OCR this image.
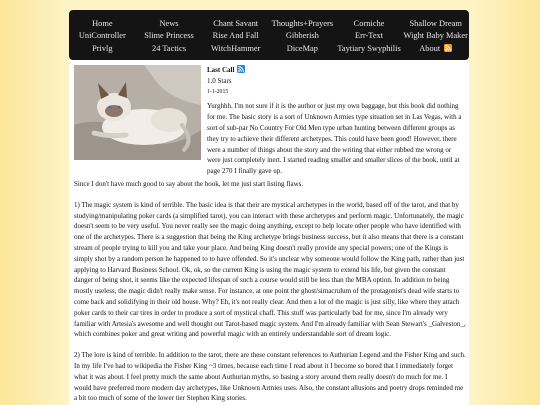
Home	News	Chant Savant	Thoughts+Prayers	Corniche	Shallow Dream
UniController	Slime Princess	Rise And Fall	Gibberish	Err-Text	Wight Baby Maker
Privlg	24 Tactics	WitchHammer	DiceMap	Taytiary Swyphilis	About
Last Call
1.0 Stars
1-1-2015

Yurghhh. I'm not sure if it is the author or just my own baggage, but this book did nothing for me. The basic story is a sort of Unknown Armies type situation set in Las Vegas, with a sort of sub-par No Country For Old Men type urban hunting between different groups as they try to achieve their different archetypes. This could have been good! However, there were a number of things about the story and the writing that either rubbed me wrong or were just completely inert. I started reading smaller and smaller slices of the book, until at page 270 I finally gave up.

Since I don't have much good to say about the book, let me just start listing flaws.

1) The magic system is kind of terrible. The basic idea is that their are mystical archetypes in the world, based off of the tarot, and that by studying/manipulating poker cards (a simplified tarot), you can interact with these archetypes and perform magic. Unfortunately, the magic doesn't seem to be very useful. You never really see the magic doing anything, except to help locate other people who have identified with one of the archetypes. There is a suggestion that being the King archetype brings business success, but it also means that there is a constant stream of people trying to kill you and take your place. And being King doesn't really provide any special powers; one of the Kings is simply shot by a random person he happened to to have offended. So it's unclear why someone would follow the King path, rather than just applying to Harvard Business School. Ok, ok, so the current King is using the magic system to extend his life, but given the constant danger of being shot, it seems like the expected lifespan of such a course would still be less than the MBA option. In addition to being mostly useless, the magic didn't really make sense. For instance, at one point the ghost/simacrulum of the protagonist's dead wife starts to come back and solidifying in their old house. Why? Eh, it's not really clear. And then a lot of the magic is just silly, like where they attach poker cards to their car tires in order to produce a sort of mystical chaff. This stuff was particularly bad for me, since I'm already very familiar with Artesia's awesome and well thought out Tarot-based magic system. And I'm already familiar with Sean Stewart's _Galveston_, which combines poker and great writing and powerful magic with an entirely understandable sort of dream logic.

2) The lore is kind of terrible. In addition to the tarot, there are these constant references to Authurian Legend and the Fisher King and such. In my life I've had to wikipedia the Fisher King ~3 times, because each time I read about it I become so bored that I immediately forget what it was about. I feel pretty much the same about Authurian myths, so basing a story around them really doesn't do much for me. I would have preferred more modern day archetypes, like Unknown Armies uses. Also, the constant allusions and poetry drops reminded me a bit too much of some of the lower tier Stephen King stories.
